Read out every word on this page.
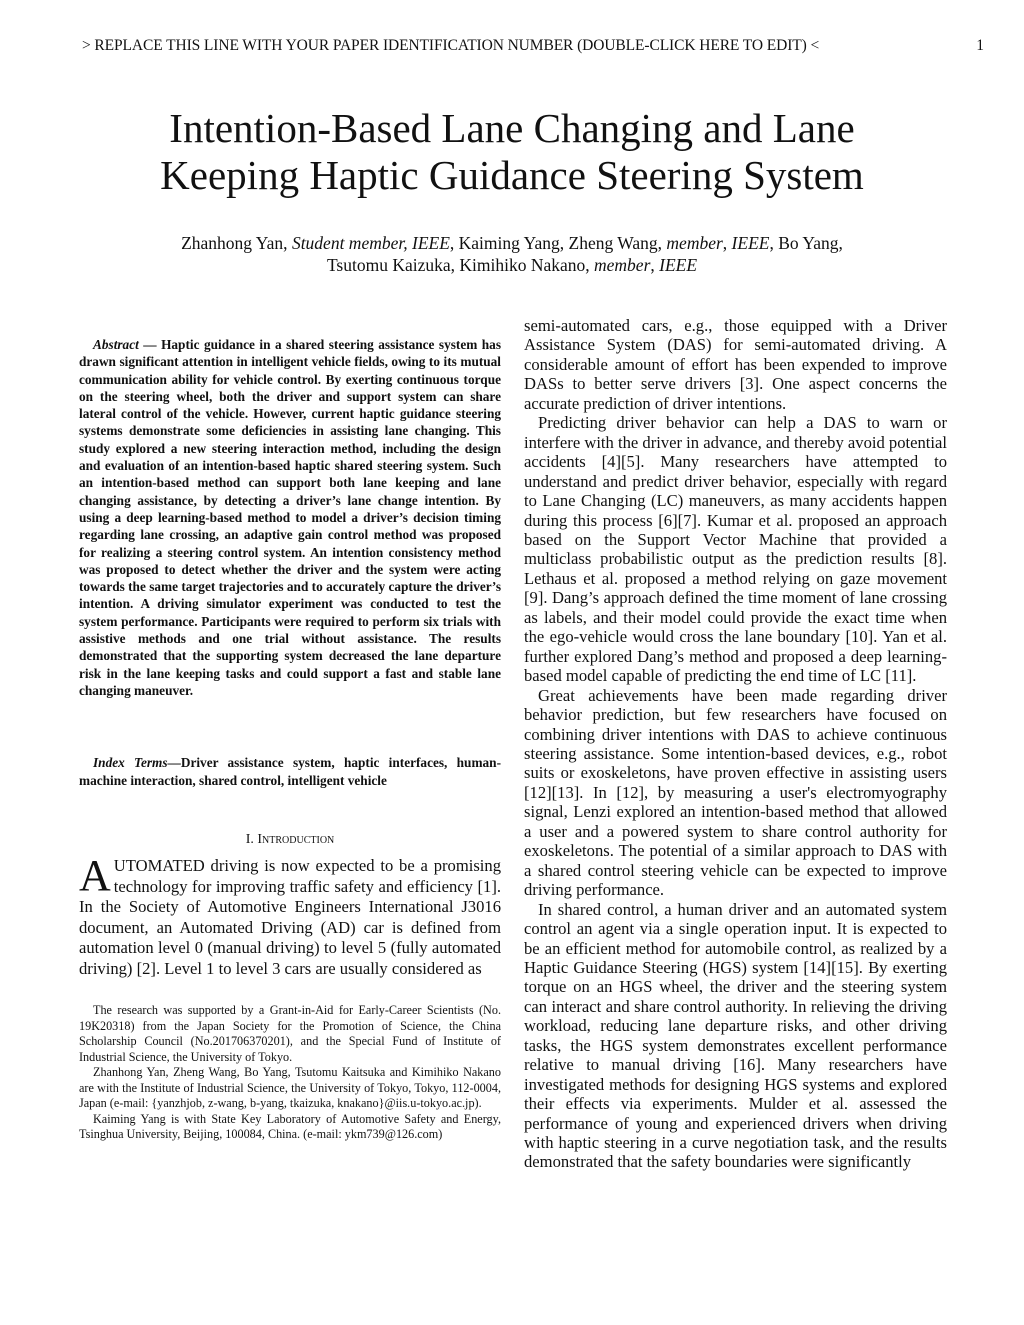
> REPLACE THIS LINE WITH YOUR PAPER IDENTIFICATION NUMBER (DOUBLE-CLICK HERE TO EDIT) <	1
Intention-Based Lane Changing and Lane
Keeping Haptic Guidance Steering System
Zhanhong Yan, Student member, IEEE, Kaiming Yang, Zheng Wang, member, IEEE, Bo Yang,
Tsutomu Kaizuka, Kimihiko Nakano, member, IEEE
Abstract — Haptic guidance in a shared steering assistance system has drawn significant attention in intelligent vehicle fields, owing to its mutual communication ability for vehicle control. By exerting continuous torque on the steering wheel, both the driver and support system can share lateral control of the vehicle. However, current haptic guidance steering systems demonstrate some deficiencies in assisting lane changing. This study explored a new steering interaction method, including the design and evaluation of an intention-based haptic shared steering system. Such an intention-based method can support both lane keeping and lane changing assistance, by detecting a driver’s lane change intention. By using a deep learning-based method to model a driver’s decision timing regarding lane crossing, an adaptive gain control method was proposed for realizing a steering control system. An intention consistency method was proposed to detect whether the driver and the system were acting towards the same target trajectories and to accurately capture the driver’s intention. A driving simulator experiment was conducted to test the system performance. Participants were required to perform six trials with assistive methods and one trial without assistance. The results demonstrated that the supporting system decreased the lane departure risk in the lane keeping tasks and could support a fast and stable lane changing maneuver.
Index Terms—Driver assistance system, haptic interfaces, human-machine interaction, shared control, intelligent vehicle
I. Introduction
AUTOMATED driving is now expected to be a promising technology for improving traffic safety and efficiency [1]. In the Society of Automotive Engineers International J3016 document, an Automated Driving (AD) car is defined from automation level 0 (manual driving) to level 5 (fully automated driving) [2]. Level 1 to level 3 cars are usually considered as

The research was supported by a Grant-in-Aid for Early-Career Scientists (No. 19K20318) from the Japan Society for the Promotion of Science, the China Scholarship Council (No.201706370201), and the Special Fund of Institute of Industrial Science, the University of Tokyo.

Zhanhong Yan, Zheng Wang, Bo Yang, Tsutomu Kaitsuka and Kimihiko Nakano are with the Institute of Industrial Science, the University of Tokyo, Tokyo, 112-0004, Japan (e-mail: {yanzhjob, z-wang, b-yang, tkaizuka, knakano}@iis.u-tokyo.ac.jp).

Kaiming Yang is with State Key Laboratory of Automotive Safety and Energy, Tsinghua University, Beijing, 100084, China. (e-mail: ykm739@126.com)

semi-automated cars, e.g., those equipped with a Driver Assistance System (DAS) for semi-automated driving. A considerable amount of effort has been expended to improve DASs to better serve drivers [3]. One aspect concerns the accurate prediction of driver intentions.

Predicting driver behavior can help a DAS to warn or interfere with the driver in advance, and thereby avoid potential accidents [4][5]. Many researchers have attempted to understand and predict driver behavior, especially with regard to Lane Changing (LC) maneuvers, as many accidents happen during this process [6][7]. Kumar et al. proposed an approach based on the Support Vector Machine that provided a multiclass probabilistic output as the prediction results [8]. Lethaus et al. proposed a method relying on gaze movement [9]. Dang’s approach defined the time moment of lane crossing as labels, and their model could provide the exact time when the ego-vehicle would cross the lane boundary [10]. Yan et al. further explored Dang’s method and proposed a deep learning-based model capable of predicting the end time of LC [11].

Great achievements have been made regarding driver behavior prediction, but few researchers have focused on combining driver intentions with DAS to achieve continuous steering assistance. Some intention-based devices, e.g., robot suits or exoskeletons, have proven effective in assisting users [12][13]. In [12], by measuring a user's electromyography signal, Lenzi explored an intention-based method that allowed a user and a powered system to share control authority for exoskeletons. The potential of a similar approach to DAS with a shared control steering vehicle can be expected to improve driving performance.

In shared control, a human driver and an automated system control an agent via a single operation input. It is expected to be an efficient method for automobile control, as realized by a Haptic Guidance Steering (HGS) system [14][15]. By exerting torque on an HGS wheel, the driver and the steering system can interact and share control authority. In relieving the driving workload, reducing lane departure risks, and other driving tasks, the HGS system demonstrates excellent performance relative to manual driving [16]. Many researchers have investigated methods for designing HGS systems and explored their effects via experiments. Mulder et al. assessed the performance of young and experienced drivers when driving with haptic steering in a curve negotiation task, and the results demonstrated that the safety boundaries were significantly
